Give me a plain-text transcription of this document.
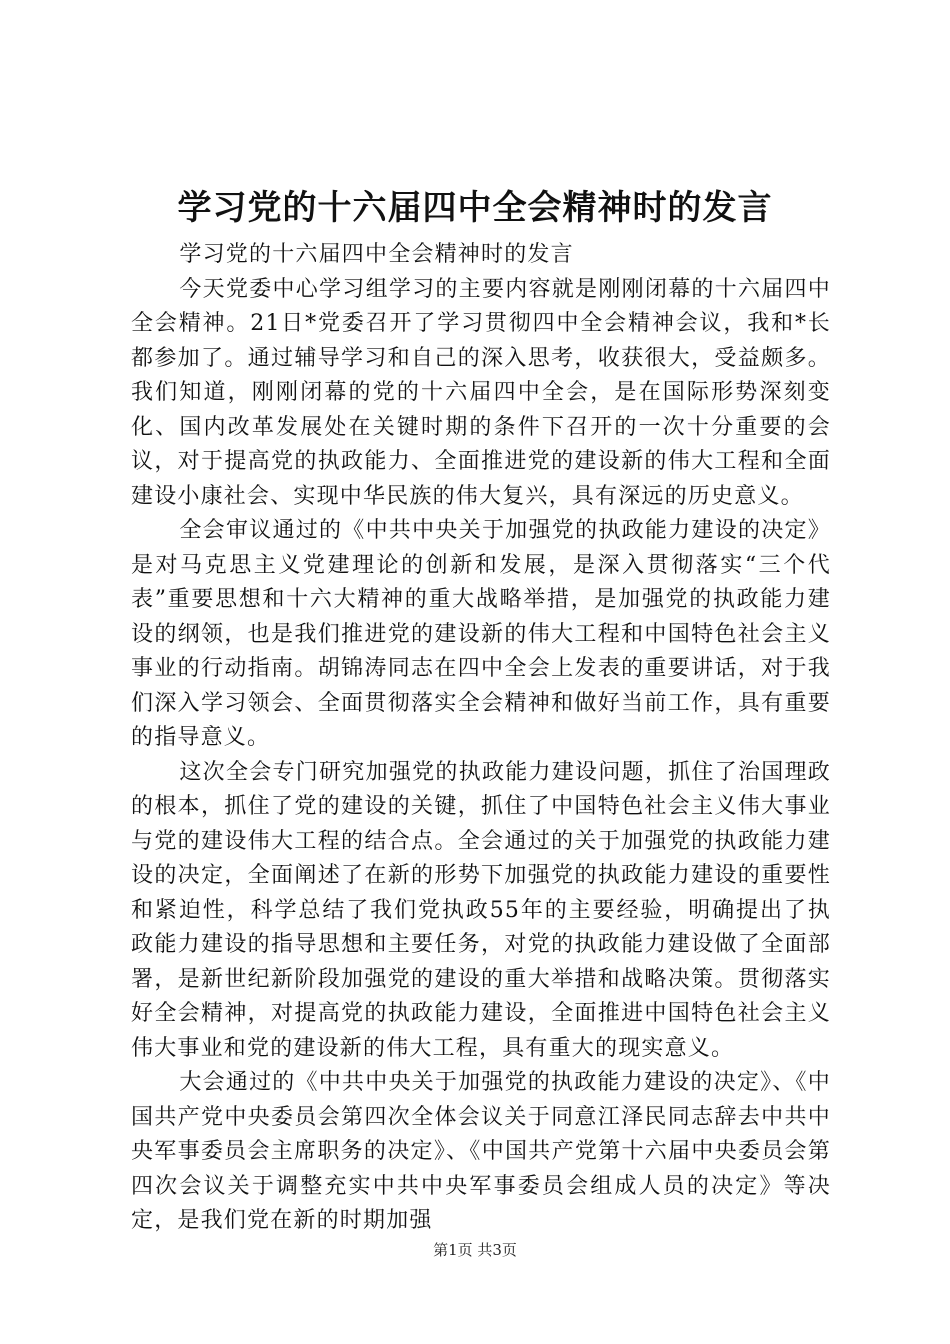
学习党的十六届四中全会精神时的发言

学习党的十六届四中全会精神时的发言

今天党委中心学习组学习的主要内容就是刚刚闭幕的十六届四中全会精神。21日*党委召开了学习贯彻四中全会精神会议，我和*长都参加了。通过辅导学习和自己的深入思考，收获很大，受益颇多。我们知道，刚刚闭幕的党的十六届四中全会，是在国际形势深刻变化、国内改革发展处在关键时期的条件下召开的一次十分重要的会议，对于提高党的执政能力、全面推进党的建设新的伟大工程和全面建设小康社会、实现中华民族的伟大复兴，具有深远的历史意义。

全会审议通过的《中共中央关于加强党的执政能力建设的决定》是对马克思主义党建理论的创新和发展，是深入贯彻落实“三个代表”重要思想和十六大精神的重大战略举措，是加强党的执政能力建设的纲领，也是我们推进党的建设新的伟大工程和中国特色社会主义事业的行动指南。胡锦涛同志在四中全会上发表的重要讲话，对于我们深入学习领会、全面贯彻落实全会精神和做好当前工作，具有重要的指导意义。

这次全会专门研究加强党的执政能力建设问题，抓住了治国理政的根本，抓住了党的建设的关键，抓住了中国特色社会主义伟大事业与党的建设伟大工程的结合点。全会通过的关于加强党的执政能力建设的决定，全面阐述了在新的形势下加强党的执政能力建设的重要性和紧迫性，科学总结了我们党执政55年的主要经验，明确提出了执政能力建设的指导思想和主要任务，对党的执政能力建设做了全面部署，是新世纪新阶段加强党的建设的重大举措和战略决策。贯彻落实好全会精神，对提高党的执政能力建设，全面推进中国特色社会主义伟大事业和党的建设新的伟大工程，具有重大的现实意义。

大会通过的《中共中央关于加强党的执政能力建设的决定》、《中国共产党中央委员会第四次全体会议关于同意江泽民同志辞去中共中央军事委员会主席职务的决定》、《中国共产党第十六届中央委员会第四次会议关于调整充实中共中央军事委员会组成人员的决定》等决定，是我们党在新的时期加强

第1页 共3页
